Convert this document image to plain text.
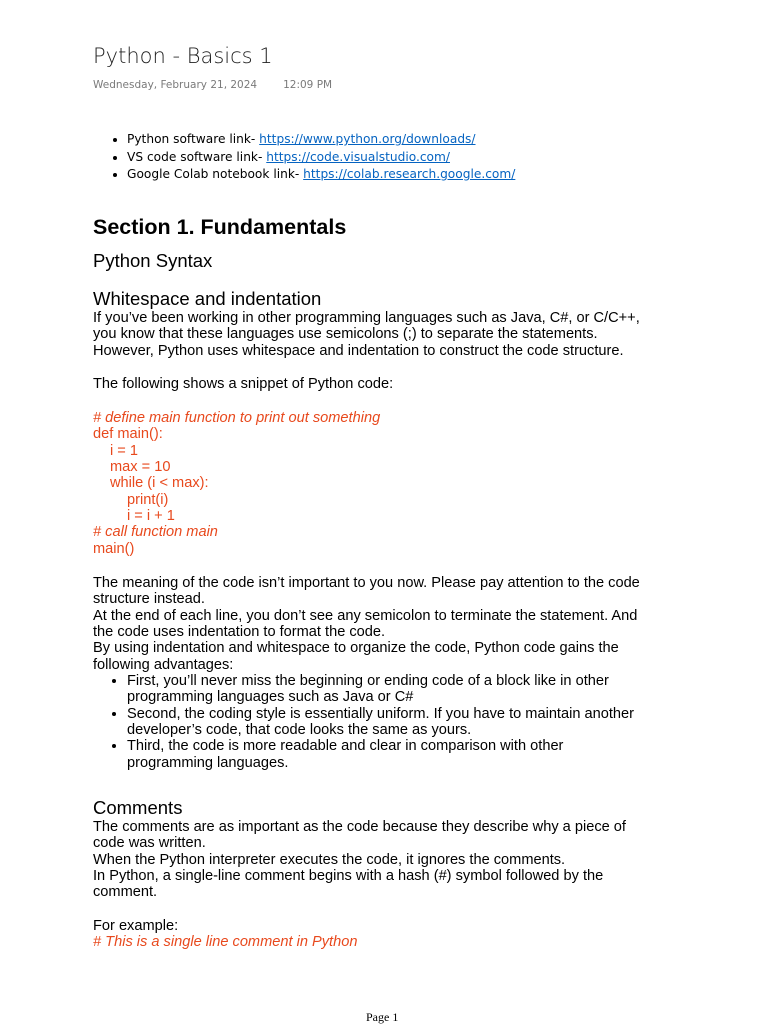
Python - Basics 1
Wednesday, February 21, 2024 12:09 PM
• Python software link- https://www.python.org/downloads/
• VS code software link- https://code.visualstudio.com/
• Google Colab notebook link- https://colab.research.google.com/
Section 1. Fundamentals
Python Syntax
Whitespace and indentation

If you’ve been working in other programming languages such as Java, C#, or C/C++,

you know that these languages use semicolons (;) to separate the statements.

However, Python uses whitespace and indentation to construct the code structure.

The following shows a snippet of Python code:

# define main function to print out something
def main():
i = 1
max = 10
while (i < max):
print(i)
i = i + 1
# call function main
main()

The meaning of the code isn’t important to you now. Please pay attention to the code

structure instead.

At the end of each line, you don’t see any semicolon to terminate the statement. And

the code uses indentation to format the code.

By using indentation and whitespace to organize the code, Python code gains the

following advantages:

• First, you’ll never miss the beginning or ending code of a block like in other
programming languages such as Java or C#
• Second, the coding style is essentially uniform. If you have to maintain another
developer’s code, that code looks the same as yours.
• Third, the code is more readable and clear in comparison with other
programming languages.
Comments

The comments are as important as the code because they describe why a piece of

code was written.

When the Python interpreter executes the code, it ignores the comments.

In Python, a single-line comment begins with a hash (#) symbol followed by the

comment.

For example:

# This is a single line comment in Python
Page 1
